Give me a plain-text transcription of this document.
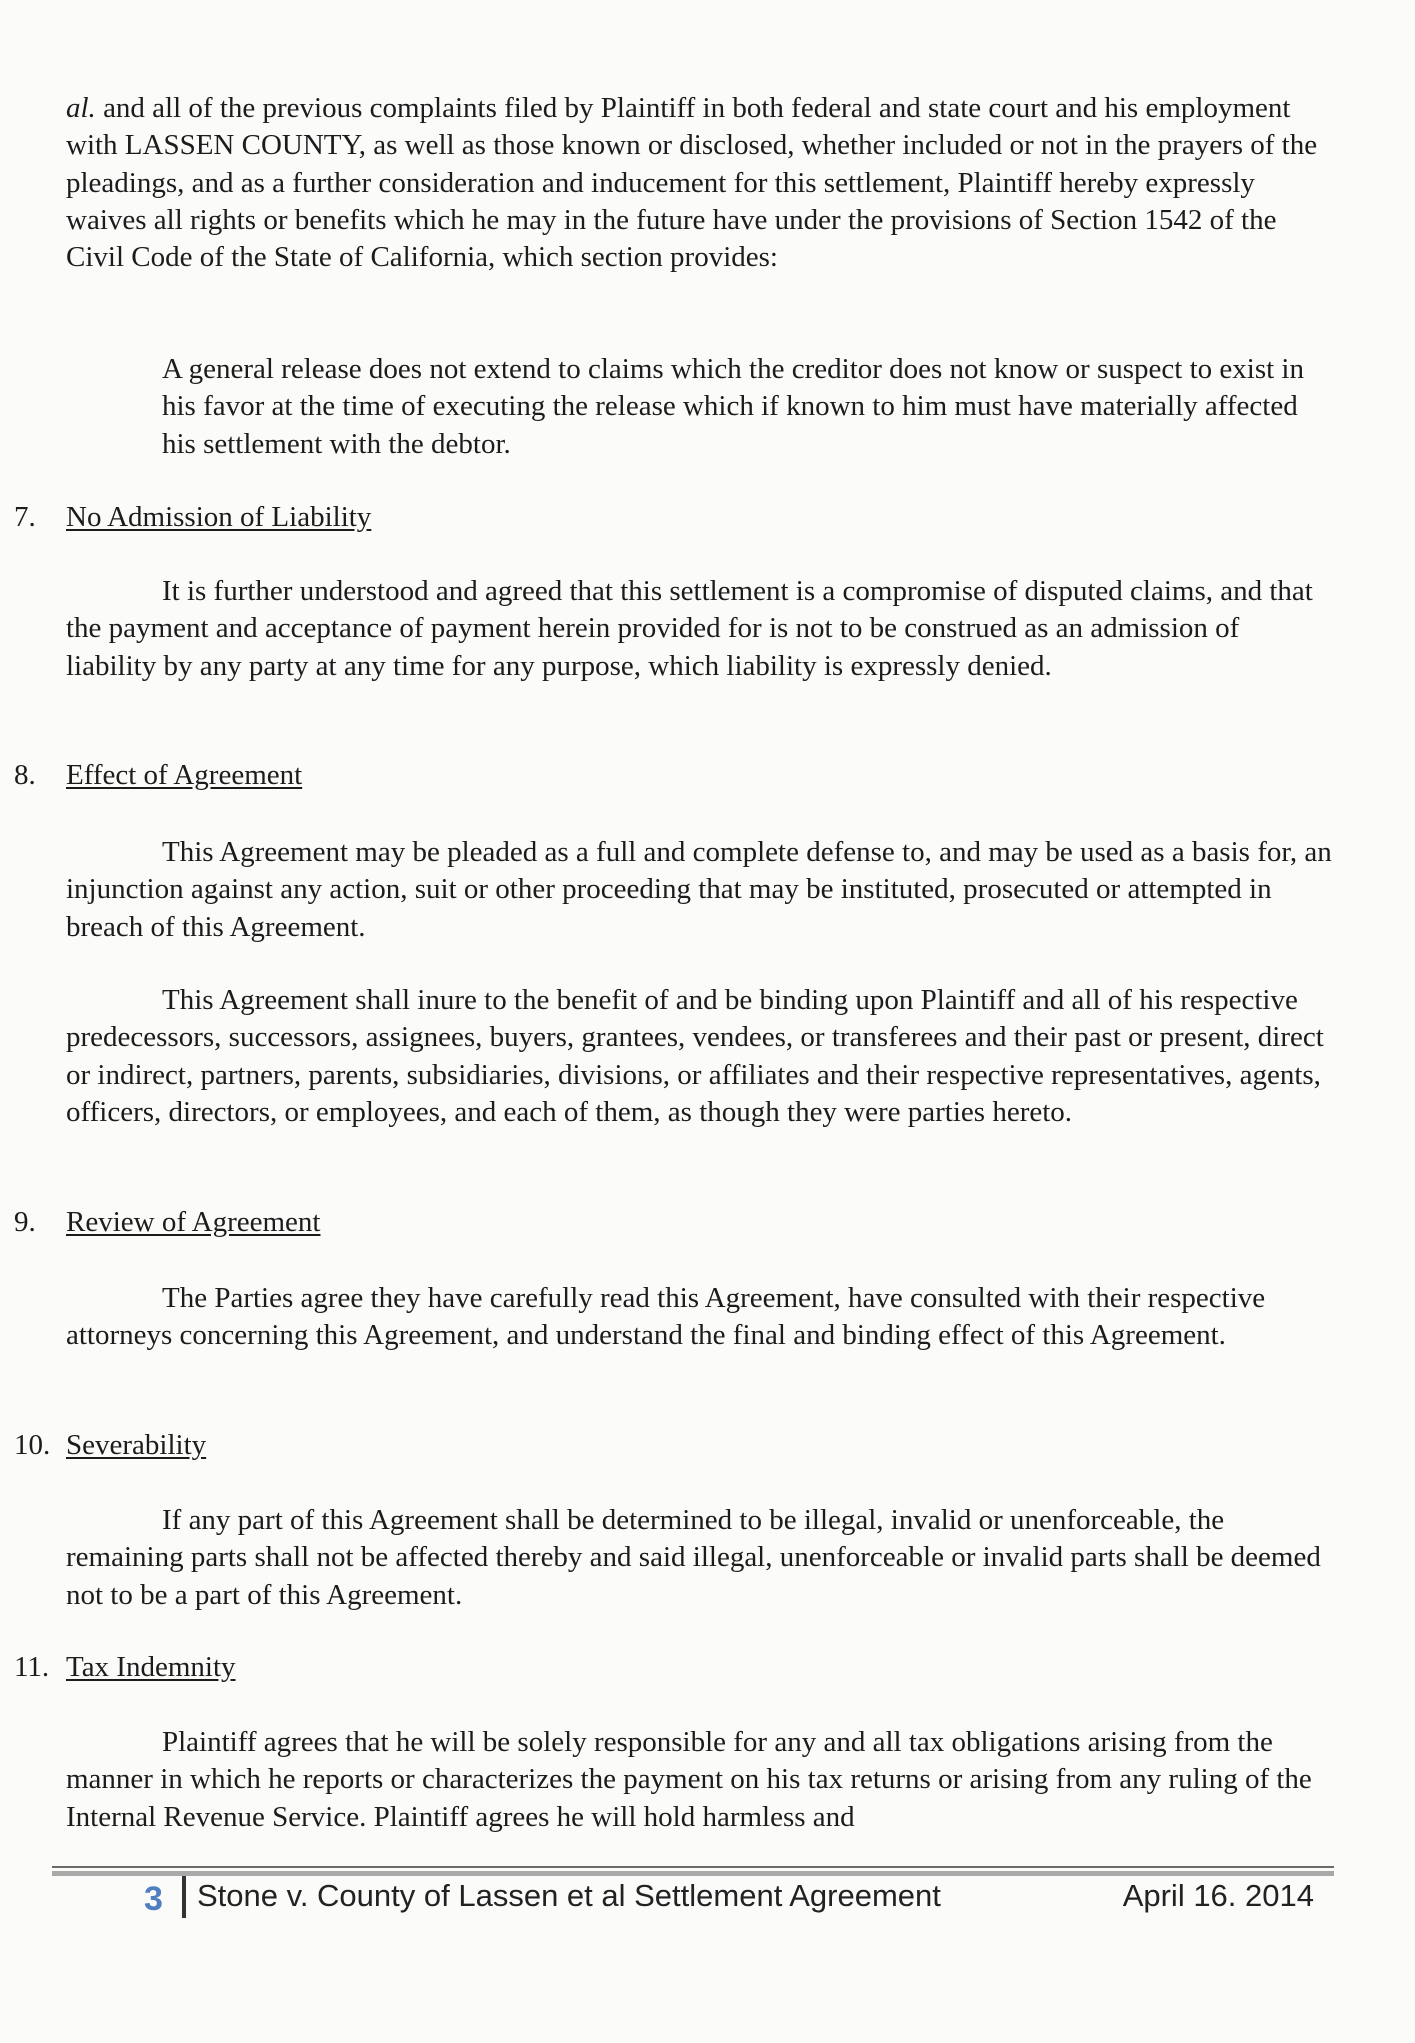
al. and all of the previous complaints filed by Plaintiff in both federal and state court and his employment with LASSEN COUNTY, as well as those known or disclosed, whether included or not in the prayers of the pleadings, and as a further consideration and inducement for this settlement, Plaintiff hereby expressly waives all rights or benefits which he may in the future have under the provisions of Section 1542 of the Civil Code of the State of California, which section provides:

A general release does not extend to claims which the creditor does not know or suspect to exist in his favor at the time of executing the release which if known to him must have materially affected his settlement with the debtor.

7. No Admission of Liability

It is further understood and agreed that this settlement is a compromise of disputed claims, and that the payment and acceptance of payment herein provided for is not to be construed as an admission of liability by any party at any time for any purpose, which liability is expressly denied.

8. Effect of Agreement

This Agreement may be pleaded as a full and complete defense to, and may be used as a basis for, an injunction against any action, suit or other proceeding that may be instituted, prosecuted or attempted in breach of this Agreement.

This Agreement shall inure to the benefit of and be binding upon Plaintiff and all of his respective predecessors, successors, assignees, buyers, grantees, vendees, or transferees and their past or present, direct or indirect, partners, parents, subsidiaries, divisions, or affiliates and their respective representatives, agents, officers, directors, or employees, and each of them, as though they were parties hereto.

9. Review of Agreement

The Parties agree they have carefully read this Agreement, have consulted with their respective attorneys concerning this Agreement, and understand the final and binding effect of this Agreement.

10. Severability

If any part of this Agreement shall be determined to be illegal, invalid or unenforceable, the remaining parts shall not be affected thereby and said illegal, unenforceable or invalid parts shall be deemed not to be a part of this Agreement.

11. Tax Indemnity

Plaintiff agrees that he will be solely responsible for any and all tax obligations arising from the manner in which he reports or characterizes the payment on his tax returns or arising from any ruling of the Internal Revenue Service. Plaintiff agrees he will hold harmless and

3 Stone v. County of Lassen et al Settlement Agreement	April 16. 2014
